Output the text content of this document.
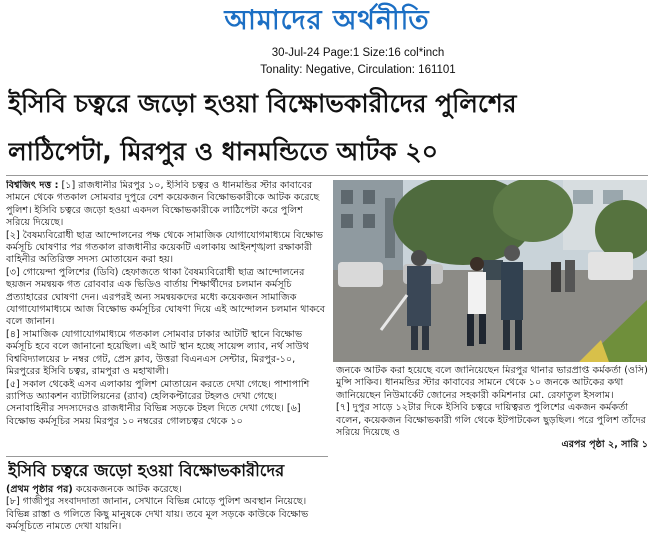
আমাদের অর্থনীতি
30-Jul-24 Page:1 Size:16 col*inch
Tonality: Negative, Circulation: 161101
ইসিবি চত্বরে জড়ো হওয়া বিক্ষোভকারীদের পুলিশের
লাঠিপেটা, মিরপুর ও ধানমন্ডিতে আটক ২০

বিশ্বজিৎ দত্ত : [১] রাজধানীর মিরপুর ১০, ইসিবি চত্বর ও ধানমন্ডির স্টার কাবাবের সামনে থেকে গতকাল সোমবার দুপুরে বেশ কয়েকজন বিক্ষোভকারীকে আটক করেছে পুলিশ। ইসিবি চত্বরে জড়ো হওয়া একদল বিক্ষোভকারীকে লাঠিপেটা করে পুলিশ সরিয়ে দিয়েছে।

[২] বৈষম্যবিরোধী ছাত্র আন্দোলনের পক্ষ থেকে সামাজিক যোগাযোগমাধ্যমে বিক্ষোভ কর্মসূচি ঘোষণার পর গতকাল রাজধানীর কয়েকটি এলাকায় আইনশৃঙ্খলা রক্ষাকারী বাহিনীর অতিরিক্ত সদস্য মোতায়েন করা হয়।

[৩] গোয়েন্দা পুলিশের (ডিবি) হেফাজতে থাকা বৈষম্যবিরোধী ছাত্র আন্দোলনের ছয়জন সমন্বয়ক গত রোববার এক ভিডিও বার্তায় শিক্ষার্থীদের চলমান কর্মসূচি প্রত্যাহারের ঘোষণা দেন। এরপরই অন্য সমন্বয়কদের মধ্যে কয়েকজন সামাজিক যোগাযোগমাধ্যমে আজ বিক্ষোভ কর্মসূচির ঘোষণা দিয়ে এই আন্দোলন চলমান থাকবে বলে জানান।

[৪] সামাজিক যোগাযোগমাধ্যমে গতকাল সোমবার ঢাকার আটটি স্থানে বিক্ষোভ কর্মসূচি হবে বলে জানানো হয়েছিল। এই আট স্থান হচ্ছে সায়েন্স ল্যাব, নর্থ সাউথ বিশ্ববিদ্যালয়ের ৮ নম্বর গেট, প্রেস ক্লাব, উত্তরা বিএনএস সেন্টার, মিরপুর-১০, মিরপুরের ইসিবি চত্বর, রামপুরা ও মহাখালী।

[৫] সকাল থেকেই এসব এলাকায় পুলিশ মোতায়েন করতে দেখা গেছে। পাশাপাশি র‍্যাপিড অ্যাকশন ব্যাটালিয়নের (র‍্যাব) হেলিকপ্টারের টহলও দেখা গেছে। সেনাবাহিনীর সদস্যদেরও রাজধানীর বিভিন্ন সড়কে টহল দিতে দেখা গেছে। [৬] বিক্ষোভ কর্মসূচির সময় মিরপুর ১০ নম্বরের গোলচত্বর থেকে ১০

জনকে আটক করা হয়েছে বলে জানিয়েছেন মিরপুর থানার ভারপ্রাপ্ত কর্মকর্তা (ওসি) মুন্সি সাকিব। ধানমন্ডির স্টার কাবাবের সামনে থেকে ১০ জনকে আটকের কথা জানিয়েছেন নিউমার্কেট জোনের সহকারী কমিশনার মো. রেফাতুল ইসলাম।

[৭] দুপুর সাড়ে ১২টার দিকে ইসিবি চত্বরে দায়িত্বরত পুলিশের একজন কর্মকর্তা বলেন, কয়েকজন বিক্ষোভকারী গলি থেকে ইটপাটকেল ছুড়ছিল। পরে পুলিশ তাঁদের সরিয়ে দিয়েছে ও

এরপর পৃষ্ঠা ২, সারি ১
ইসিবি চত্বরে জড়ো হওয়া বিক্ষোভকারীদের

(প্রথম পৃষ্ঠার পর) কয়েকজনকে আটক করেছে।

[৮] গাজীপুর সংবাদদাতা জানান, সেখানে বিভিন্ন মোড়ে পুলিশ অবস্থান নিয়েছে। বিভিন্ন রাস্তা ও গলিতে কিছু মানুষকে দেখা যায়। তবে মূল সড়কে কাউকে বিক্ষোভ কর্মসূচিতে নামতে দেখা যায়নি।
